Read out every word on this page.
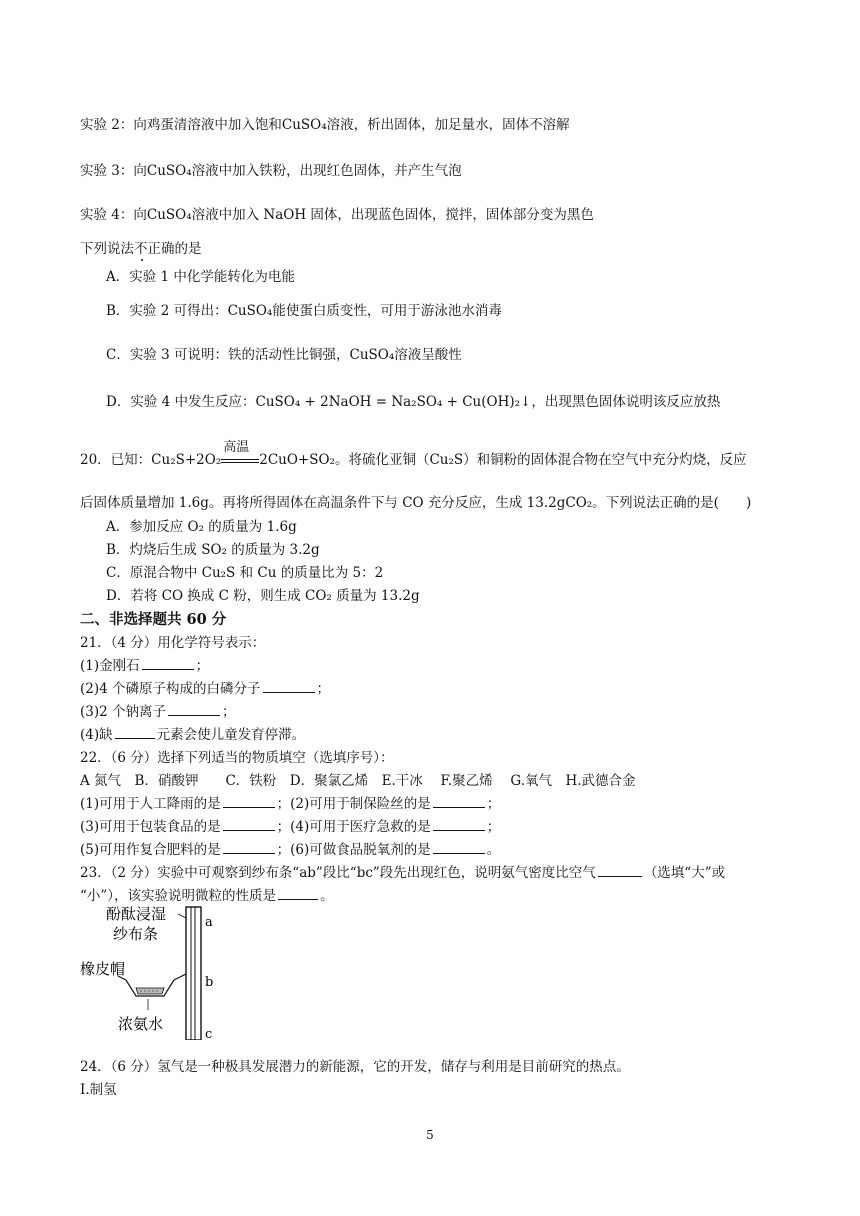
实验 2：向鸡蛋清溶液中加入饱和CuSO₄溶液，析出固体，加足量水，固体不溶解
实验 3：向CuSO₄溶液中加入铁粉，出现红色固体，并产生气泡
实验 4：向CuSO₄溶液中加入 NaOH 固体，出现蓝色固体，搅拌，固体部分变为黑色
下列说法不正确的是
A．实验 1 中化学能转化为电能
B．实验 2 可得出：CuSO₄能使蛋白质变性，可用于游泳池水消毒
C．实验 3 可说明：铁的活动性比铜强，CuSO₄溶液呈酸性
D．实验 4 中发生反应：CuSO₄ + 2NaOH = Na₂SO₄ + Cu(OH)₂↓，出现黑色固体说明该反应放热
20．已知：Cu₂S+2O₂
高温
2CuO+SO₂。将硫化亚铜（Cu₂S）和铜粉的固体混合物在空气中充分灼烧，反应
后固体质量增加 1.6g。再将所得固体在高温条件下与 CO 充分反应，生成 13.2gCO₂。下列说法正确的是(　　)
A．参加反应 O₂ 的质量为 1.6g
B．灼烧后生成 SO₂ 的质量为 3.2g
C．原混合物中 Cu₂S 和 Cu 的质量比为 5：2
D．若将 CO 换成 C 粉，则生成 CO₂ 质量为 13.2g
二、非选择题共 60 分
21．（4 分）用化学符号表示：
(1)金刚石	；
(2)4 个磷原子构成的白磷分子	；
(3)2 个钠离子	；
(4)缺	元素会使儿童发育停滞。
22．（6 分）选择下列适当的物质填空（选填序号）：
A 氮气　B．硝酸钾　　C．铁粉　D．聚氯乙烯　E.干冰　 F.聚乙烯　 G.氧气　H.武德合金
(1)可用于人工降雨的是	；(2)可用于制保险丝的是	；
(3)可用于包装食品的是	；(4)可用于医疗急救的是	；
(5)可用作复合肥料的是	；(6)可做食品脱氧剂的是	。
23．（2 分）实验中可观察到纱布条“ab”段比“bc”段先出现红色，说明氨气密度比空气	（选填“大”或
“小”），该实验说明微粒的性质是	。
酚酞浸湿
纱布条
橡皮帽
浓氨水
a
b
c
24．（6 分）氢气是一种极具发展潜力的新能源，它的开发，储存与利用是目前研究的热点。
I.制氢
5
